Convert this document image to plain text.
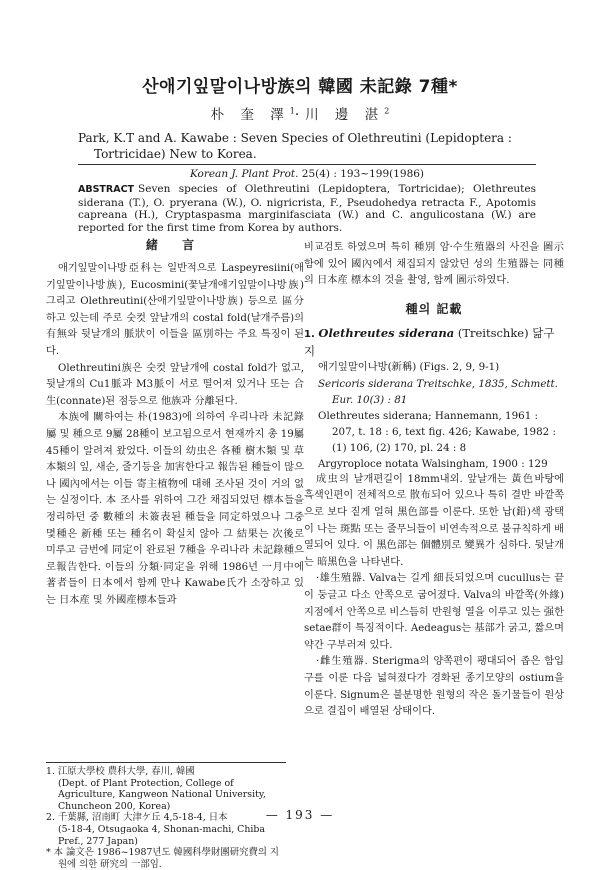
산애기잎말이나방族의 韓國 未記錄 7種*
朴 奎 澤$^1$·川 邊 湛$^2$
Park, K.T and A. Kawabe : Seven Species of Olethreutini (Lepidoptera :
Tortricidae) New to Korea.
Korean J. Plant Prot. 25(4) : 193~199(1986)
ABSTRACT Seven species of Olethreutini (Lepidoptera, Tortricidae); Olethreutes siderana (T.), O. pryerana (W.), O. nigricrista, F., Pseudohedya retracta F., Apotomis capreana (H.), Cryptaspasma marginifasciata (W.) and C. angulicostana (W.) are reported for the first time from Korea by authors.
緒 言

애기잎말이나방亞科는 일반적으로 Laspeyresiini(애기잎말이나방族), Eucosmini(꽃날개애기잎말이나방族) 그리고 Olethreutini(산애기잎말이나방族) 등으로 區分하고 있는데 주로 숫컷 앞날개의 costal fold(날개주름)의 有無와 뒷날개의 脈狀이 이들을 區別하는 주요 특징이 된다.

Olethreutini族은 숫컷 앞날개에 costal fold가 없고, 뒷날개의 Cu1脈과 M3脈이 서로 떨어져 있거나 또는 合生(connate)된 점등으로 他族과 分離된다.

本族에 關하여는 朴(1983)에 의하여 우리나라 未記錄屬 및 種으로 9屬 28種이 보고됨으로서 현재까지 총 19屬 45種이 알려져 왔었다. 이들의 幼虫은 各種 樹木類 및 草本類의 잎, 새순, 줄기등을 加害한다고 報告된 種들이 많으나 國內에서는 이들 寄主植物에 대해 조사된 것이 거의 없는 실정이다. 本 조사를 위하여 그간 채집되었던 標本들을 정리하던 중 數種의 未簽表된 種들을 同定하였으나 그중 몇種은 新種 또는 種名이 확실치 않아 그 結果는 次後로 미루고 금번에 同定이 완료된 7種을 우리나라 未記錄種으로報告한다. 이들의 分類·同定을 위해 1986년 一月中에 著者들이 日本에서 함께 만나 Kawabe氏가 소장하고 있는 日本産 및 外國産標本들과

비교검토 하였으며 특히 種別 암·수生殖器의 사진을 圖示함에 있어 國內에서 채집되지 않았던 성의 生殖器는 同種의 日本産 標本의 것을 촬영, 함께 圖示하였다.

種의 記載

1. Olethreutes siderana (Treitschke) 닮구지

애기잎말이나방(新稱) (Figs. 2, 9, 9-1)

Sericoris siderana Treitschke, 1835, Schmett. Eur. 10(3) : 81

Olethreutes siderana; Hannemann, 1961 : 207, t. 18 : 6, text fig. 426; Kawabe, 1982 : (1) 106, (2) 170, pl. 24 : 8

Argyroploce notata Walsingham, 1900 : 129

成虫의 날개편길이 18mm내외. 앞날개는 黃色바탕에 흑색인편이 전체적으로 散布되어 있으나 특히 결반 바깥쪽으로 보다 짙게 얼혀 黑色部를 이룬다. 또한 납(鉛)색 광택이 나는 斑點 또는 줄무늬들이 비연속적으로 불규칙하게 배열되어 있다. 이 黑色部는 個體別로 變異가 심하다. 뒷날개는 暗黑色을 나타낸다.

·雄生殖器. Valva는 길게 細長되었으며 cucullus는 끝이 둥글고 다소 안쪽으로 굽어졌다. Valva의 바깥쪽(外緣) 지점에서 안쪽으로 비스듬히 반원형 열을 이루고 있는 强한 setae群이 특징적이다. Aedeagus는 基部가 굵고, 짧으며 약간 구부러져 있다.

·雌生殖器. Sterigma의 양쪽편이 팽대되어 좁은 함입구를 이룬 다음 넓혀졌다가 경화된 종기모양의 ostium을 이룬다. Signum은 불분명한 원형의 작은 돌기물들이 원상으로 결집이 배열된 상태이다.

1. 江原大學校 農科大學, 春川, 韓國

(Dept. of Plant Protection, College of Agriculture, Kangweon National University, Chuncheon 200, Korea)

2. 千葉縣, 沼南町 大津ケ丘 4,5-18-4, 日本

(5-18-4, Otsugaoka 4, Shonan-machi, Chiba Pref., 277 Japan)

* 本 論文은 1986~1987년도 韓國科學財團研究費의 지원에 의한 研究의 一部임.

— 193 —
